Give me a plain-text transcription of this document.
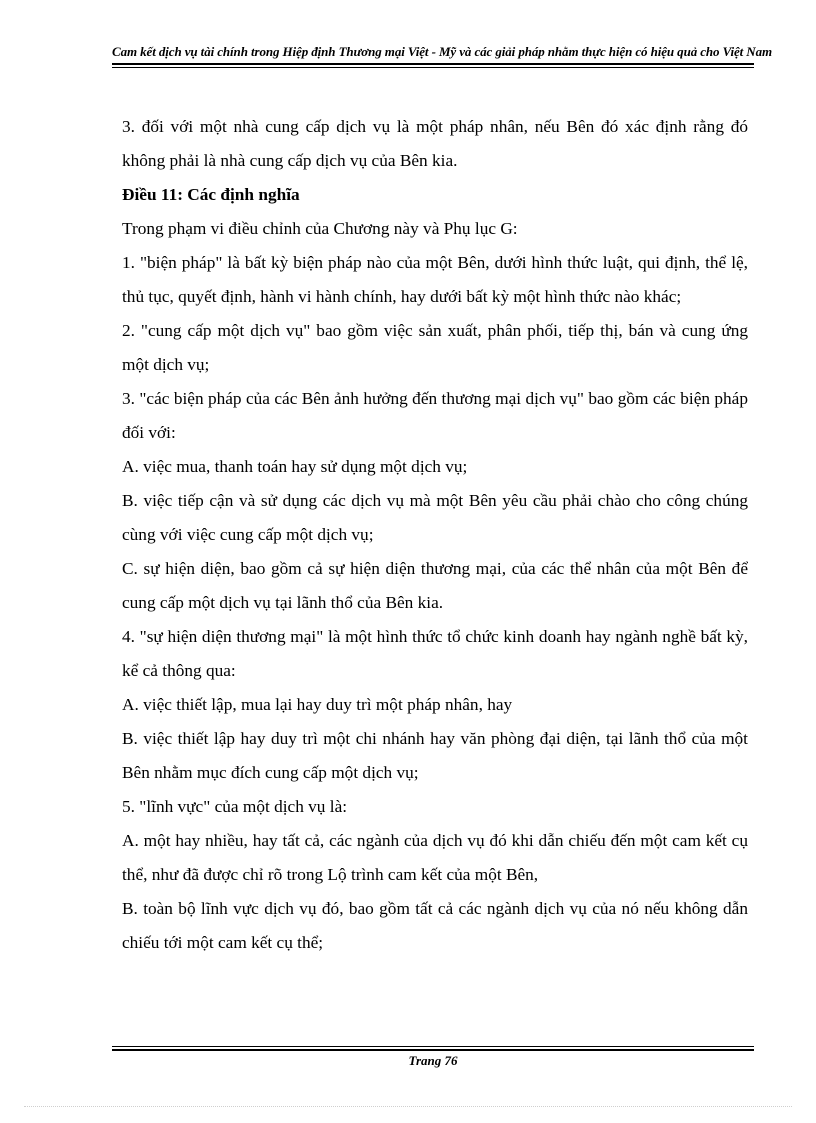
Cam kết dịch vụ tài chính trong Hiệp định Thương mại Việt - Mỹ và các giải pháp nhằm thực hiện có hiệu quả cho Việt Nam

3. đối với một nhà cung cấp dịch vụ là một pháp nhân, nếu Bên đó xác định rằng đó không phải là nhà cung cấp dịch vụ của Bên kia.

Điều 11: Các định nghĩa

Trong phạm vi điều chỉnh của Chương này và Phụ lục G:

1. "biện pháp" là bất kỳ biện pháp nào của một Bên, dưới hình thức luật, qui định, thể lệ, thủ tục, quyết định, hành vi hành chính, hay dưới bất kỳ một hình thức nào khác;

2. "cung cấp một dịch vụ" bao gồm việc sản xuất, phân phối, tiếp thị, bán và cung ứng một dịch vụ;

3. "các biện pháp của các Bên ảnh hưởng đến thương mại dịch vụ" bao gồm các biện pháp đối với:

A. việc mua, thanh toán hay sử dụng một dịch vụ;

B. việc tiếp cận và sử dụng các dịch vụ mà một Bên yêu cầu phải chào cho công chúng cùng với việc cung cấp một dịch vụ;

C. sự hiện diện, bao gồm cả sự hiện diện thương mại, của các thể nhân của một Bên để cung cấp một dịch vụ tại lãnh thổ của Bên kia.

4. "sự hiện diện thương mại" là một hình thức tổ chức kinh doanh hay ngành nghề bất kỳ, kể cả thông qua:

A. việc thiết lập, mua lại hay duy trì một pháp nhân, hay

B. việc thiết lập hay duy trì một chi nhánh hay văn phòng đại diện, tại lãnh thổ của một Bên nhằm mục đích cung cấp một dịch vụ;

5. "lĩnh vực" của một dịch vụ là:

A. một hay nhiều, hay tất cả, các ngành của dịch vụ đó khi dẫn chiếu đến một cam kết cụ thể, như đã được chỉ rõ trong Lộ trình cam kết của một Bên,

B. toàn bộ lĩnh vực dịch vụ đó, bao gồm tất cả các ngành dịch vụ của nó nếu không dẫn chiếu tới một cam kết cụ thể;

Trang 76
